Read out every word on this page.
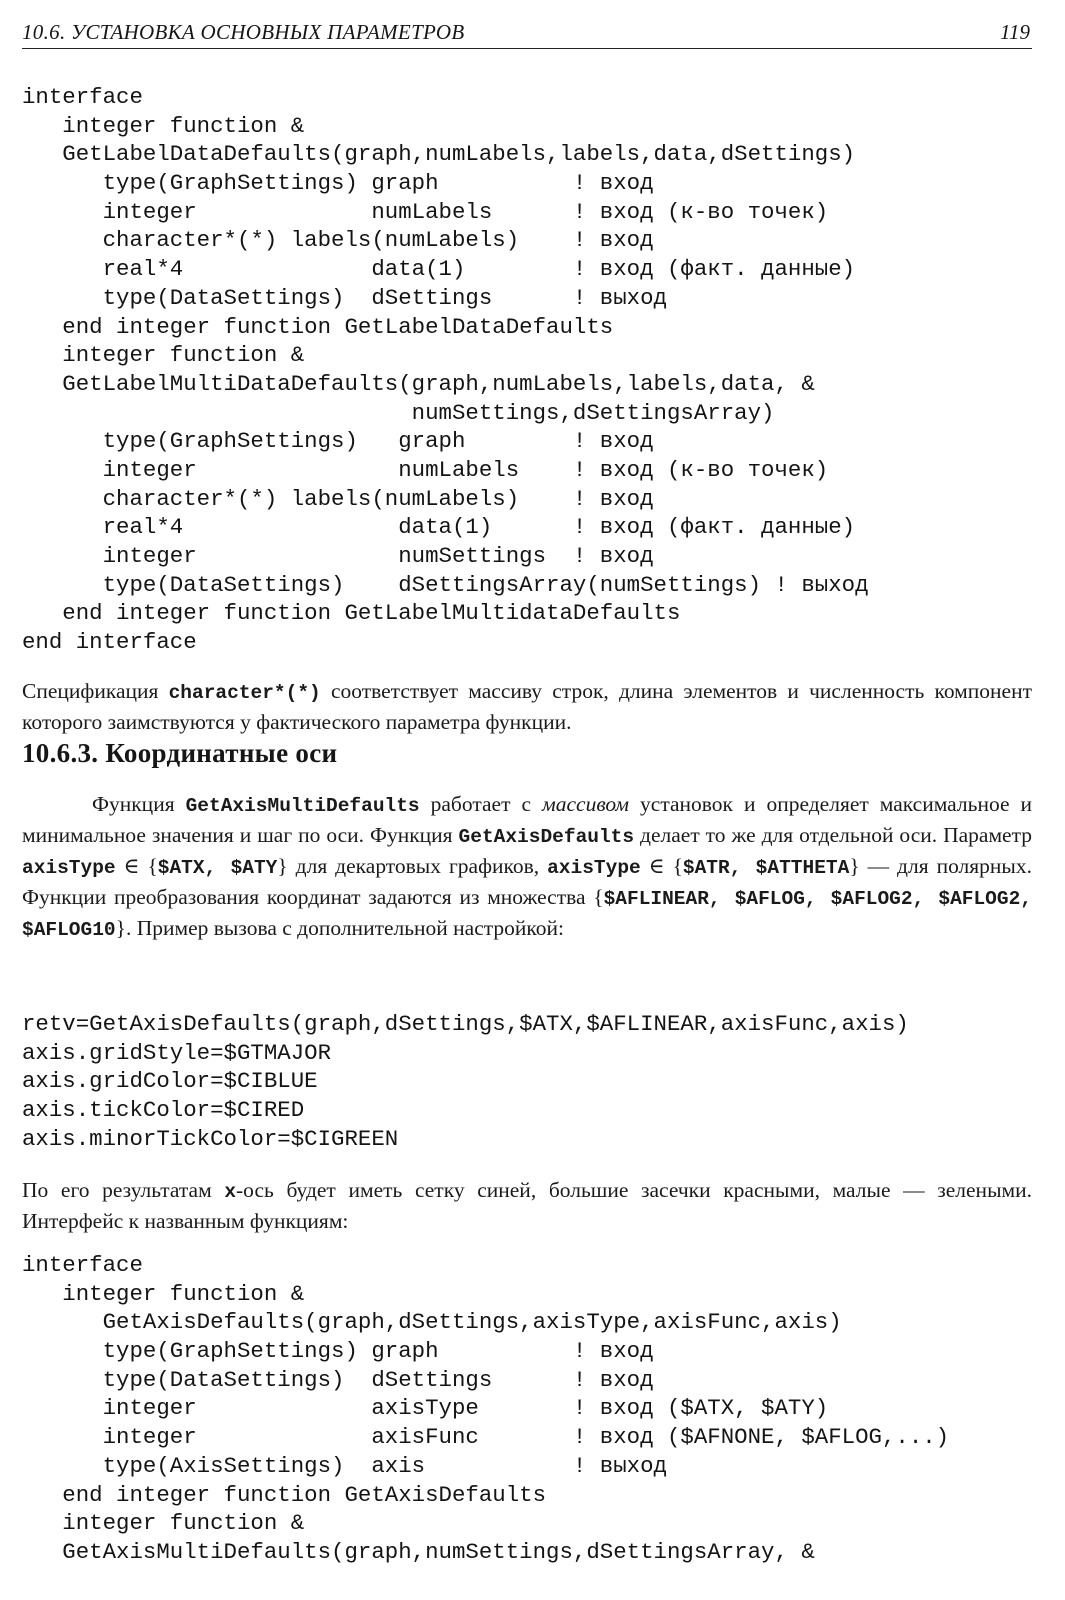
10.6. УСТАНОВКА ОСНОВНЫХ ПАРАМЕТРОВ	119
interface
integer function &
GetLabelDataDefaults(graph,numLabels,labels,data,dSettings)
type(GraphSettings) graph          ! вход
integer             numLabels      ! вход (к-во точек)
character*(*) labels(numLabels)    ! вход
real*4              data(1)        ! вход (факт. данные)
type(DataSettings)  dSettings      ! выход
end integer function GetLabelDataDefaults
integer function &
GetLabelMultiDataDefaults(graph,numLabels,labels,data, &
numSettings,dSettingsArray)
type(GraphSettings)   graph        ! вход
integer               numLabels    ! вход (к-во точек)
character*(*) labels(numLabels)    ! вход
real*4                data(1)      ! вход (факт. данные)
integer               numSettings  ! вход
type(DataSettings)    dSettingsArray(numSettings) ! выход
end integer function GetLabelMultidataDefaults
end interface

Спецификация character*(*) соответствует массиву строк, длина элементов и численность компонент которого заимствуются у фактического параметра функции.

10.6.3. Координатные оси

Функция GetAxisMultiDefaults работает с массивом установок и определяет максимальное и минимальное значения и шаг по оси. Функция GetAxisDefaults делает то же для отдельной оси. Параметр axisType ∈ {$ATX, $ATY} для декартовых графиков, axisType ∈ {$ATR, $ATTHETA} — для полярных. Функции преобразования координат задаются из множества {$AFLINEAR, $AFLOG, $AFLOG2, $AFLOG2, $AFLOG10}. Пример вызова с дополнительной настройкой:

retv=GetAxisDefaults(graph,dSettings,$ATX,$AFLINEAR,axisFunc,axis)
axis.gridStyle=$GTMAJOR
axis.gridColor=$CIBLUE
axis.tickColor=$CIRED
axis.minorTickColor=$CIGREEN

По его результатам x-ось будет иметь сетку синей, большие засечки красными, малые — зелеными. Интерфейс к названным функциям:

interface
integer function &
GetAxisDefaults(graph,dSettings,axisType,axisFunc,axis)
type(GraphSettings) graph          ! вход
type(DataSettings)  dSettings      ! вход
integer             axisType       ! вход ($ATX, $ATY)
integer             axisFunc       ! вход ($AFNONE, $AFLOG,...)
type(AxisSettings)  axis           ! выход
end integer function GetAxisDefaults
integer function &
GetAxisMultiDefaults(graph,numSettings,dSettingsArray, &
